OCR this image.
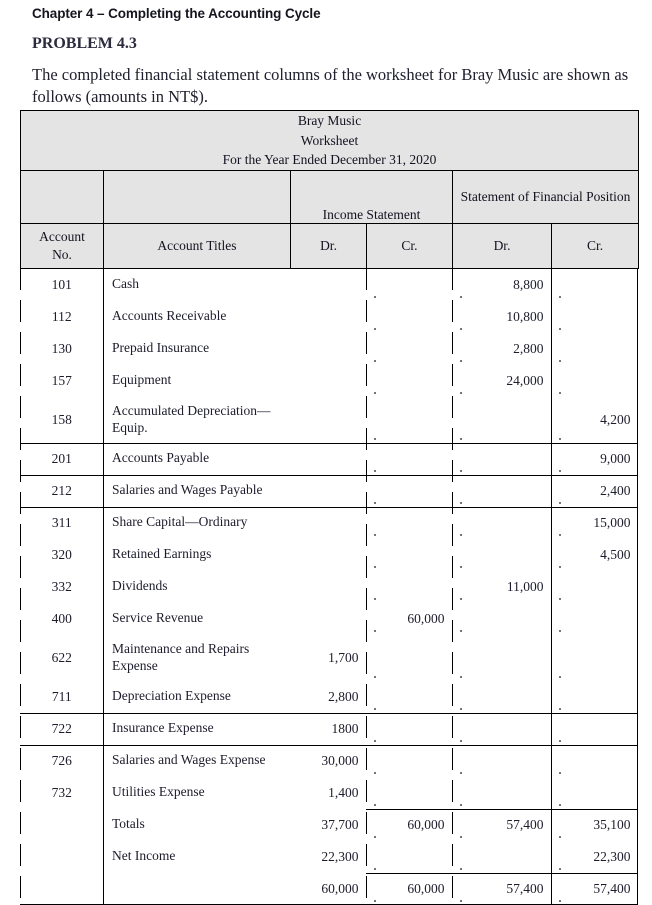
Chapter 4 – Completing the Accounting Cycle
PROBLEM 4.3

The completed financial statement columns of the worksheet for Bray Music are shown as follows (amounts in NT$).

Bray Music
Worksheet
For the Year Ended December 31, 2020					

		Income Statement		Statement of Financial Position	

Account
No.	Account Titles	Dr.	Cr.	Dr.	Cr.
101	Cash			8,800	
112	Accounts Receivable			10,800	
130	Prepaid Insurance			2,800	
157	Equipment			24,000	
158	Accumulated Depreciation—
Equip.				4,200
201	Accounts Payable				9,000
212	Salaries and Wages Payable				2,400
311	Share Capital—Ordinary				15,000
320	Retained Earnings				4,500
332	Dividends			11,000	
400	Service Revenue		60,000		
622	Maintenance and Repairs
Expense	1,700			
711	Depreciation Expense	2,800			
722	Insurance Expense	1800			
726	Salaries and Wages Expense	30,000			
732	Utilities Expense	1,400			
	Totals	37,700	60,000	57,400	35,100
	Net Income	22,300			22,300
		60,000	60,000	57,400	57,400
